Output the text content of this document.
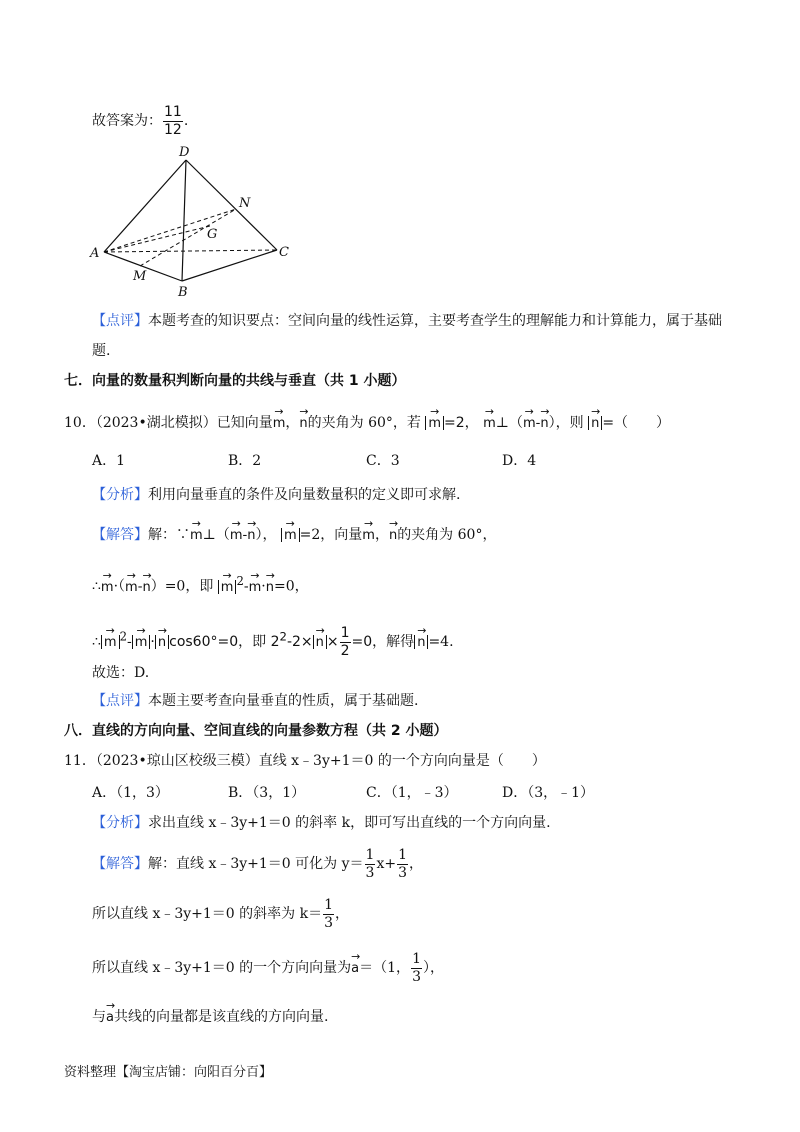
故答案为： $\frac{11}{12}$ .
D
N
G
A	C
M
B
【点评】本题考查的知识要点：空间向量的线性运算，主要考查学生的理解能力和计算能力，属于基础
题.
七．向量的数量积判断向量的共线与垂直（共 1 小题）
10．（2023•湖北模拟）已知向量→ m，→ n的夹角为 60°，若 → m =2， → m⊥（→ m-→ n），则 → n =（　　）
A．1	B．2	C．3	D．4
【分析】利用向量垂直的条件及向量数量积的定义即可求解.
【解答】解：∵→ m⊥（→ m-→ n）， → m =2，向量→ m，→ n的夹角为 60°，
∴→ m·（→ m-→ n）=0，即 → m $^2$-→ m·→ n=0，
∴ → m $^2$- → m · → n cos60°=0，即 $2^2-2\times \to n \times \frac{1}{2} =0$，解得 → n =4.
故选：D.
【点评】本题主要考查向量垂直的性质，属于基础题.
八．直线的方向向量、空间直线的向量参数方程（共 2 小题）
11．（2023•琼山区校级三模）直线 x﹣3y+1＝0 的一个方向向量是（　　）
A．（1，3）	B．（3，1）	C．（1，﹣3）	D．（3，﹣1）
【分析】求出直线 x﹣3y+1＝0 的斜率 k，即可写出直线的一个方向向量.
【解答】解：直线 x﹣3y+1＝0 可化为 $y= \frac{1}{3} x+ \frac{1}{3}$ ，
所以直线 x﹣3y+1＝0 的斜率为 $k= \frac{1}{3}$ ，
所以直线 x﹣3y+1＝0 的一个方向向量为→ a＝（1， $\frac{1}{3}$ ），
与→ a共线的向量都是该直线的方向向量.
资料整理【淘宝店铺：向阳百分百】
